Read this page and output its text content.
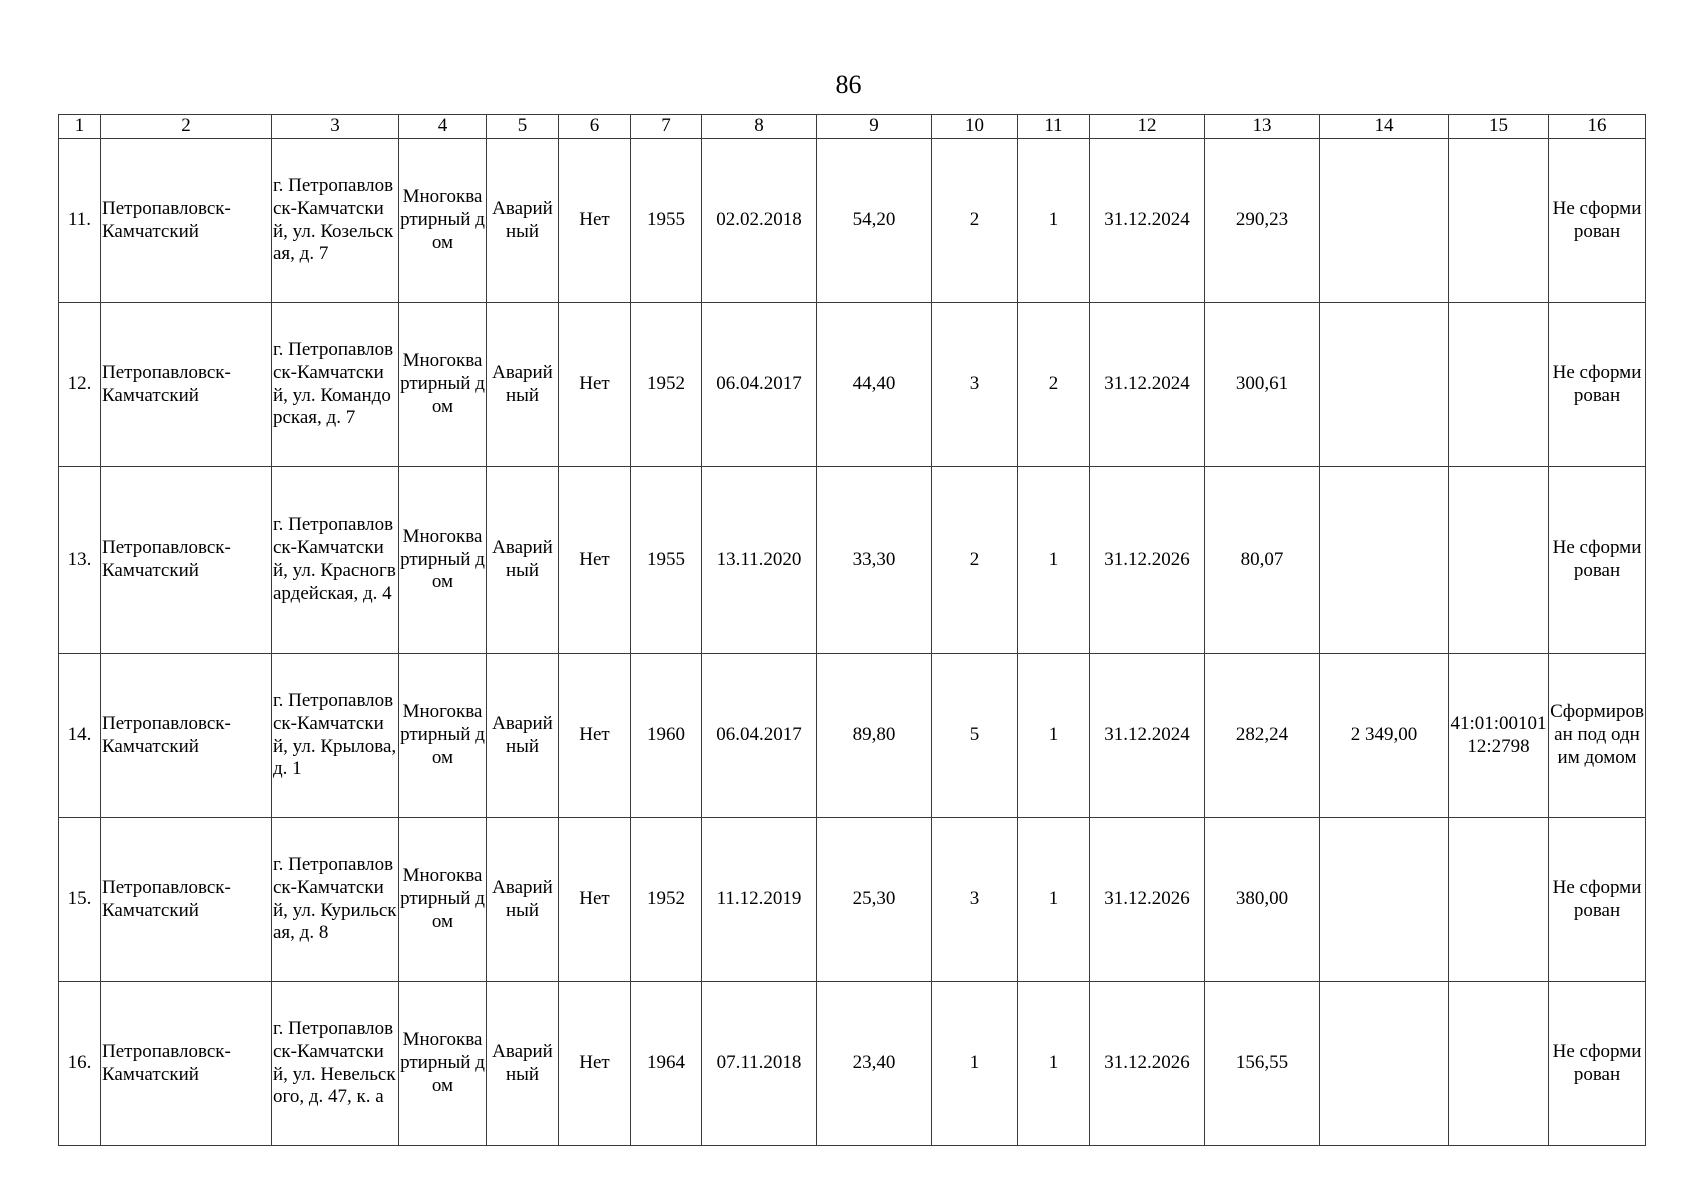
86
1	2	3	4	5	6	7	8	9	10	11	12	13	14	15	16
11.	Петропавловск-Камчатский	г. Петропавловск-Камчатский, ул. Козельская, д. 7	Многоквартирный дом	Аварийный	Нет	1955	02.02.2018	54,20	2	1	31.12.2024	290,23			Не сформирован
12.	Петропавловск-Камчатский	г. Петропавловск-Камчатский, ул. Командорская, д. 7	Многоквартирный дом	Аварийный	Нет	1952	06.04.2017	44,40	3	2	31.12.2024	300,61			Не сформирован
13.	Петропавловск-Камчатский	г. Петропавловск-Камчатский, ул. Красногвардейская, д. 4	Многоквартирный дом	Аварийный	Нет	1955	13.11.2020	33,30	2	1	31.12.2026	80,07			Не сформирован
14.	Петропавловск-Камчатский	г. Петропавловск-Камчатский, ул. Крылова, д. 1	Многоквартирный дом	Аварийный	Нет	1960	06.04.2017	89,80	5	1	31.12.2024	282,24	2 349,00	41:01:0010112:2798	Сформирован под одним домом
15.	Петропавловск-Камчатский	г. Петропавловск-Камчатский, ул. Курильская, д. 8	Многоквартирный дом	Аварийный	Нет	1952	11.12.2019	25,30	3	1	31.12.2026	380,00			Не сформирован
16.	Петропавловск-Камчатский	г. Петропавловск-Камчатский, ул. Невельского, д. 47, к. а	Многоквартирный дом	Аварийный	Нет	1964	07.11.2018	23,40	1	1	31.12.2026	156,55			Не сформирован
